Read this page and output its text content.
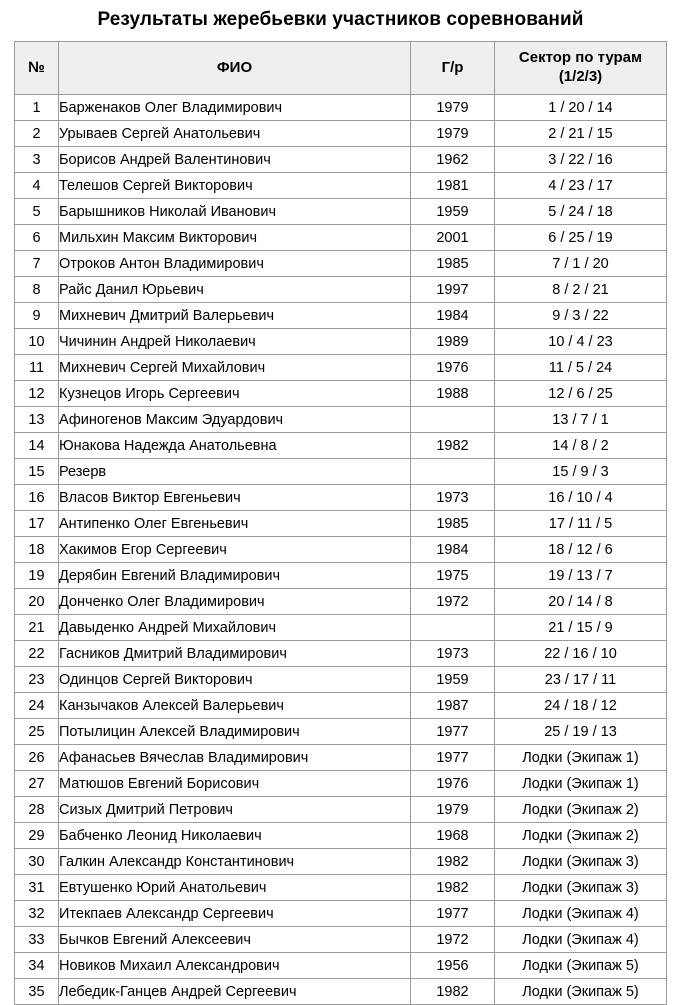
Результаты жеребьевки участников соревнований
№	ФИО	Г/р	Сектор по турам
(1/2/3)

1	Барженаков Олег Владимирович	1979	1 / 20 / 14
2	Урываев Сергей Анатольевич	1979	2 / 21 / 15
3	Борисов Андрей Валентинович	1962	3 / 22 / 16
4	Телешов Сергей Викторович	1981	4 / 23 / 17
5	Барышников Николай Иванович	1959	5 / 24 / 18
6	Мильхин Максим Викторович	2001	6 / 25 / 19
7	Отроков Антон Владимирович	1985	7 / 1 / 20
8	Райс Данил Юрьевич	1997	8 / 2 / 21
9	Михневич Дмитрий Валерьевич	1984	9 / 3 / 22
10	Чичинин Андрей Николаевич	1989	10 / 4 / 23
11	Михневич Сергей Михайлович	1976	11 / 5 / 24
12	Кузнецов Игорь Сергеевич	1988	12 / 6 / 25
13	Афиногенов Максим Эдуардович		13 / 7 / 1
14	Юнакова Надежда Анатольевна	1982	14 / 8 / 2
15	Резерв		15 / 9 / 3
16	Власов Виктор Евгеньевич	1973	16 / 10 / 4
17	Антипенко Олег Евгеньевич	1985	17 / 11 / 5
18	Хакимов Егор Сергеевич	1984	18 / 12 / 6
19	Дерябин Евгений Владимирович	1975	19 / 13 / 7
20	Донченко Олег Владимирович	1972	20 / 14 / 8
21	Давыденко Андрей Михайлович		21 / 15 / 9
22	Гасников Дмитрий Владимирович	1973	22 / 16 / 10
23	Одинцов Сергей Викторович	1959	23 / 17 / 11
24	Канзычаков Алексей Валерьевич	1987	24 / 18 / 12
25	Потылицин Алексей Владимирович	1977	25 / 19 / 13
26	Афанасьев Вячеслав Владимирович	1977	Лодки (Экипаж 1)
27	Матюшов Евгений Борисович	1976	Лодки (Экипаж 1)
28	Сизых Дмитрий Петрович	1979	Лодки (Экипаж 2)
29	Бабченко Леонид Николаевич	1968	Лодки (Экипаж 2)
30	Галкин Александр Константинович	1982	Лодки (Экипаж 3)
31	Евтушенко Юрий Анатольевич	1982	Лодки (Экипаж 3)
32	Итекпаев Александр Сергеевич	1977	Лодки (Экипаж 4)
33	Бычков Евгений Алексеевич	1972	Лодки (Экипаж 4)
34	Новиков Михаил Александрович	1956	Лодки (Экипаж 5)
35	Лебедик-Ганцев Андрей Сергеевич	1982	Лодки (Экипаж 5)
